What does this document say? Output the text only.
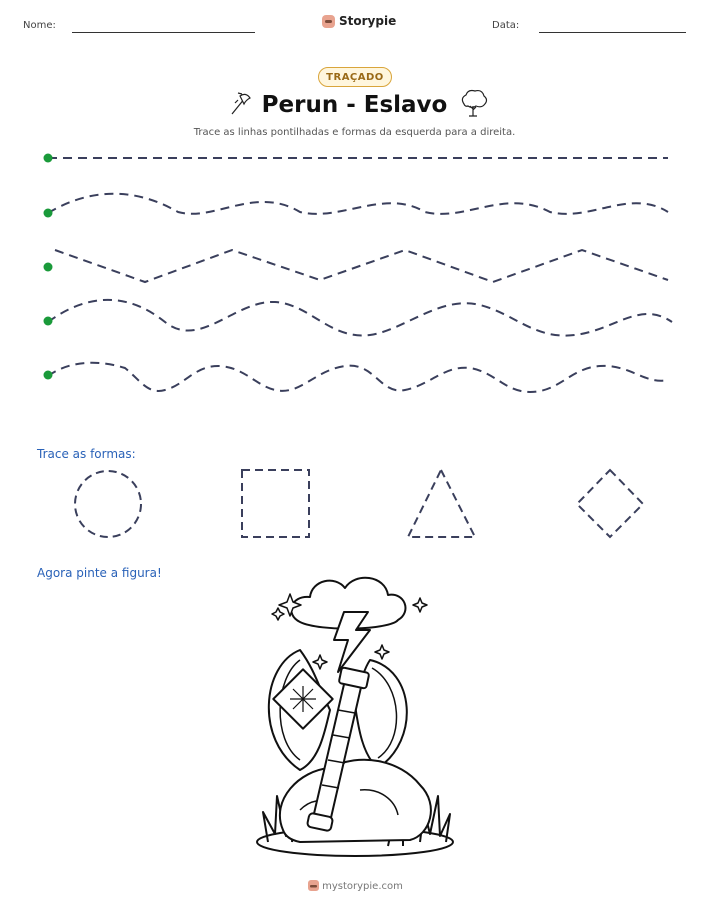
Nome:	Storypie	Data:
TRAÇADO
Perun - Eslavo
Trace as linhas pontilhadas e formas da esquerda para a direita.
Trace as formas:
Agora pinte a figura!
mystorypie.com
